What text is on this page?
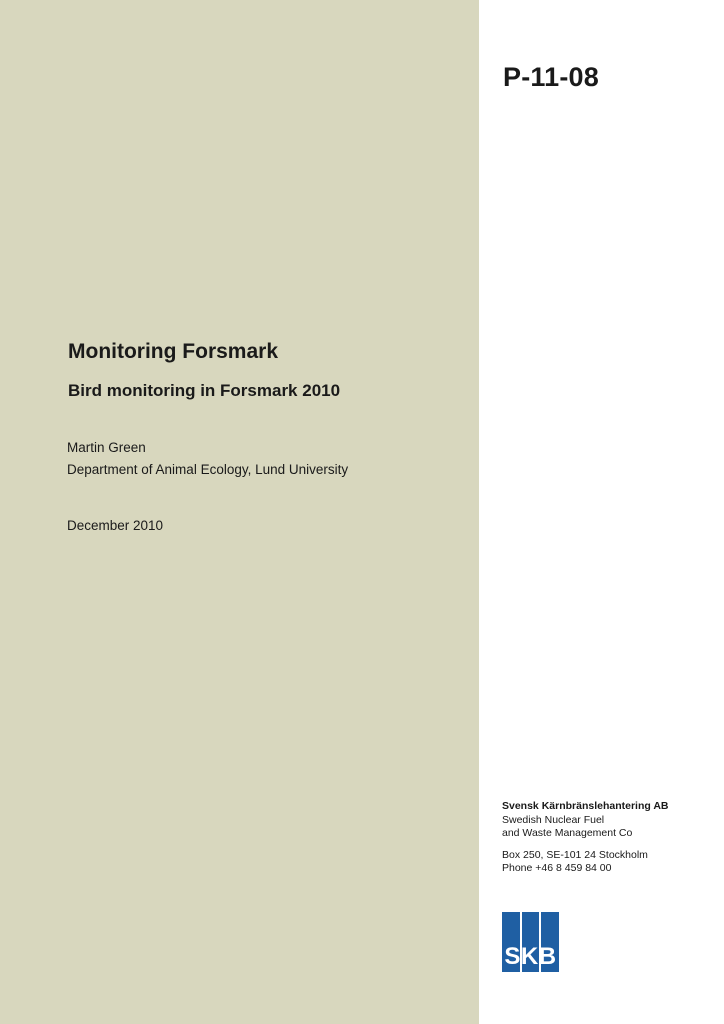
P-11-08
Monitoring Forsmark
Bird monitoring in Forsmark 2010

Martin Green

Department of Animal Ecology, Lund University

December 2010

Svensk Kärnbränslehantering AB
Swedish Nuclear Fuel
and Waste Management Co
Box 250, SE-101 24 Stockholm
Phone +46 8 459 84 00
SKB
